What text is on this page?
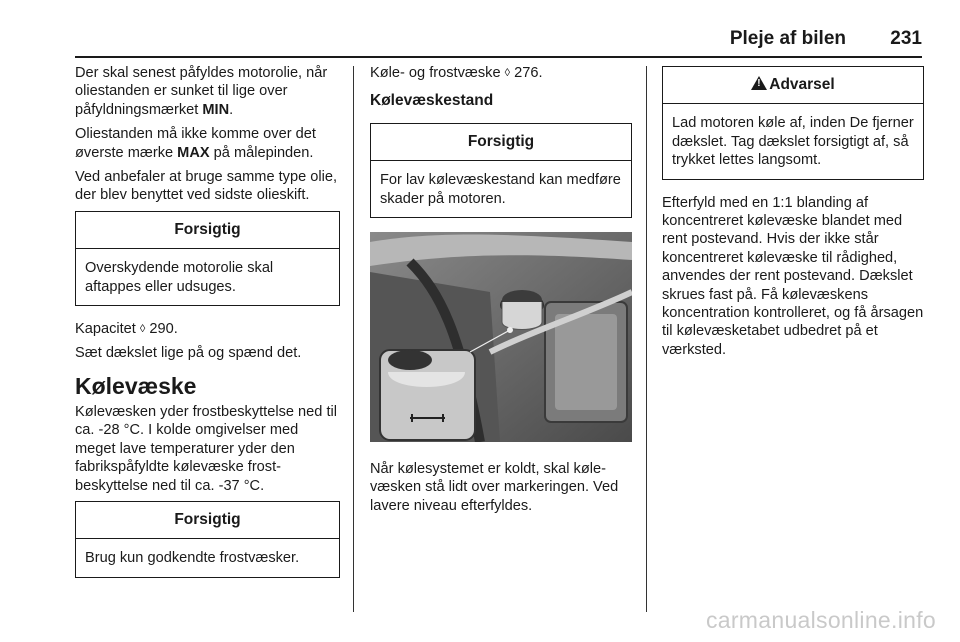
Pleje af bilen 231

Der skal senest påfyldes motorolie, når oliestanden er sunket til lige over påfyldningsmærket MIN.

Oliestanden må ikke komme over det øverste mærke MAX på målepinden.

Ved anbefaler at bruge samme type olie, der blev benyttet ved sidste olieskift.

Forsigtig
Overskydende motorolie skal aftappes eller udsuges.

Kapacitet ◊ 290.

Sæt dækslet lige på og spænd det.

Kølevæske

Kølevæsken yder frostbeskyttelse ned til ca. -28 °C. I kolde omgivelser med meget lave temperaturer yder den fabrikspåfyldte kølevæske frostbeskyttelse ned til ca. -37 °C.

Forsigtig
Brug kun godkendte frostvæsker.

Køle- og frostvæske ◊ 276.

Kølevæskestand
Forsigtig
For lav kølevæskestand kan medføre skader på motoren.

Når kølesystemet er koldt, skal kølevæsken stå lidt over markeringen. Ved lavere niveau efterfyldes.

!Advarsel
Lad motoren køle af, inden De fjerner dækslet. Tag dækslet forsigtigt af, så trykket lettes langsomt.

Efterfyld med en 1:1 blanding af koncentreret kølevæske blandet med rent postevand. Hvis der ikke står koncentreret kølevæske til rådighed, anvendes der rent postevand. Dækslet skrues fast på. Få kølevæskens koncentration kontrolleret, og få årsagen til kølevæsketabet udbedret på et værksted.

carmanualsonline.info
